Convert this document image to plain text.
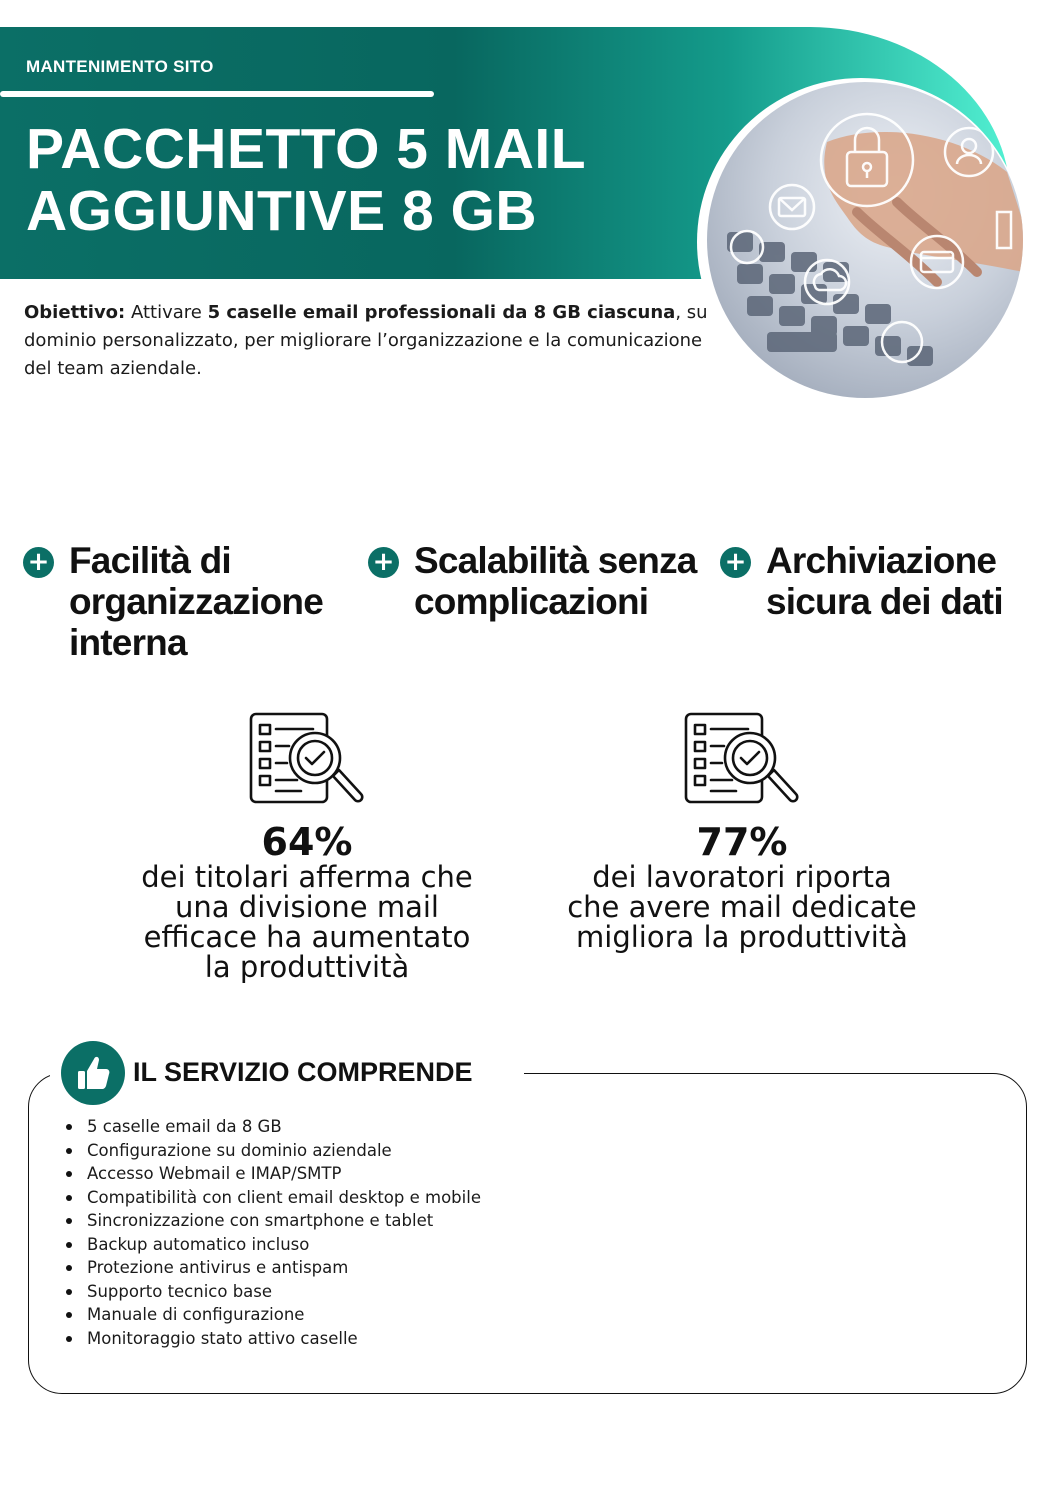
MANTENIMENTO SITO
PACCHETTO 5 MAIL
AGGIUNTIVE 8 GB

Obiettivo: Attivare 5 caselle email professionali da 8 GB ciascuna, su dominio personalizzato, per migliorare l’organizzazione e la comunicazione del team aziendale.

+ Facilità di organizzazione interna
+ Scalabilità senza complicazioni
+ Archiviazione sicura dei dati
64%
dei titolari afferma che una divisione mail efficace ha aumentato la produttività
77%
dei lavoratori riporta che avere mail dedicate migliora la produttività
IL SERVIZIO COMPRENDE
5 caselle email da 8 GB
Configurazione su dominio aziendale
Accesso Webmail e IMAP/SMTP
Compatibilità con client email desktop e mobile
Sincronizzazione con smartphone e tablet
Backup automatico incluso
Protezione antivirus e antispam
Supporto tecnico base
Manuale di configurazione
Monitoraggio stato attivo caselle
